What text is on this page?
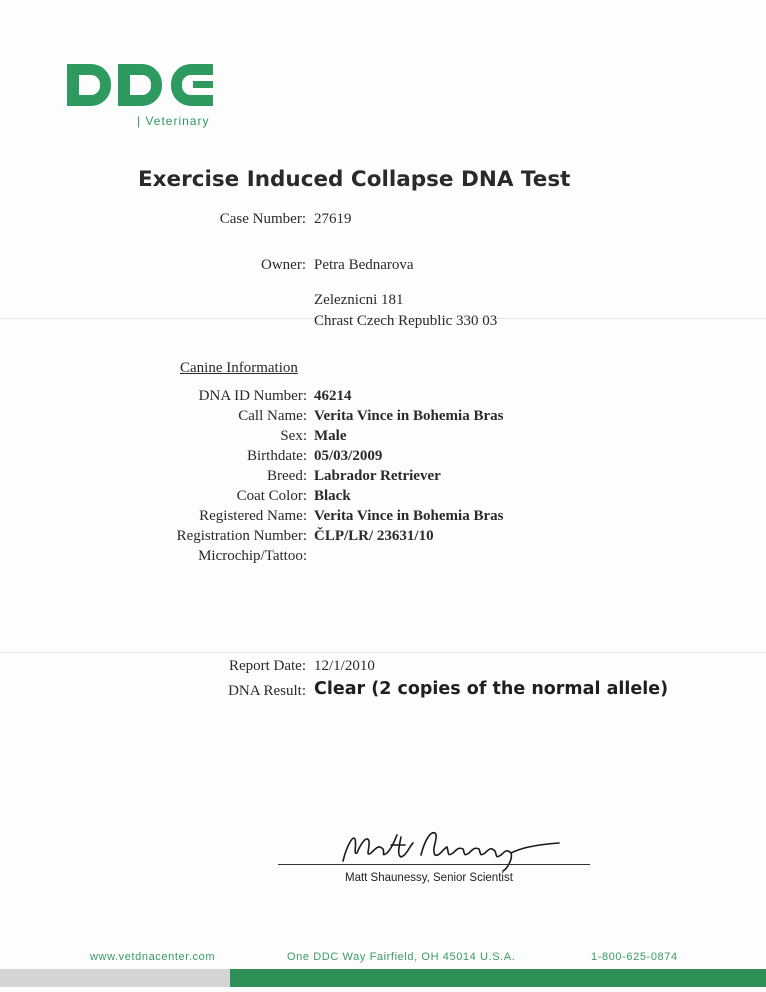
| Veterinary
Exercise Induced Collapse DNA Test
Case Number: 27619
Owner: Petra Bednarova
Zeleznicni 181
Chrast Czech Republic 330 03
Canine Information
DNA ID Number: 46214
Call Name: Verita Vince in Bohemia Bras
Sex: Male
Birthdate: 05/03/2009
Breed: Labrador Retriever
Coat Color: Black
Registered Name: Verita Vince in Bohemia Bras
Registration Number: ČLP/LR/ 23631/10
Microchip/Tattoo:
Report Date: 12/1/2010
DNA Result: Clear (2 copies of the normal allele)
Matt Shaunessy, Senior Scientist
www.vetdnacenter.com	One DDC Way Fairfield, OH 45014 U.S.A.	1-800-625-0874
